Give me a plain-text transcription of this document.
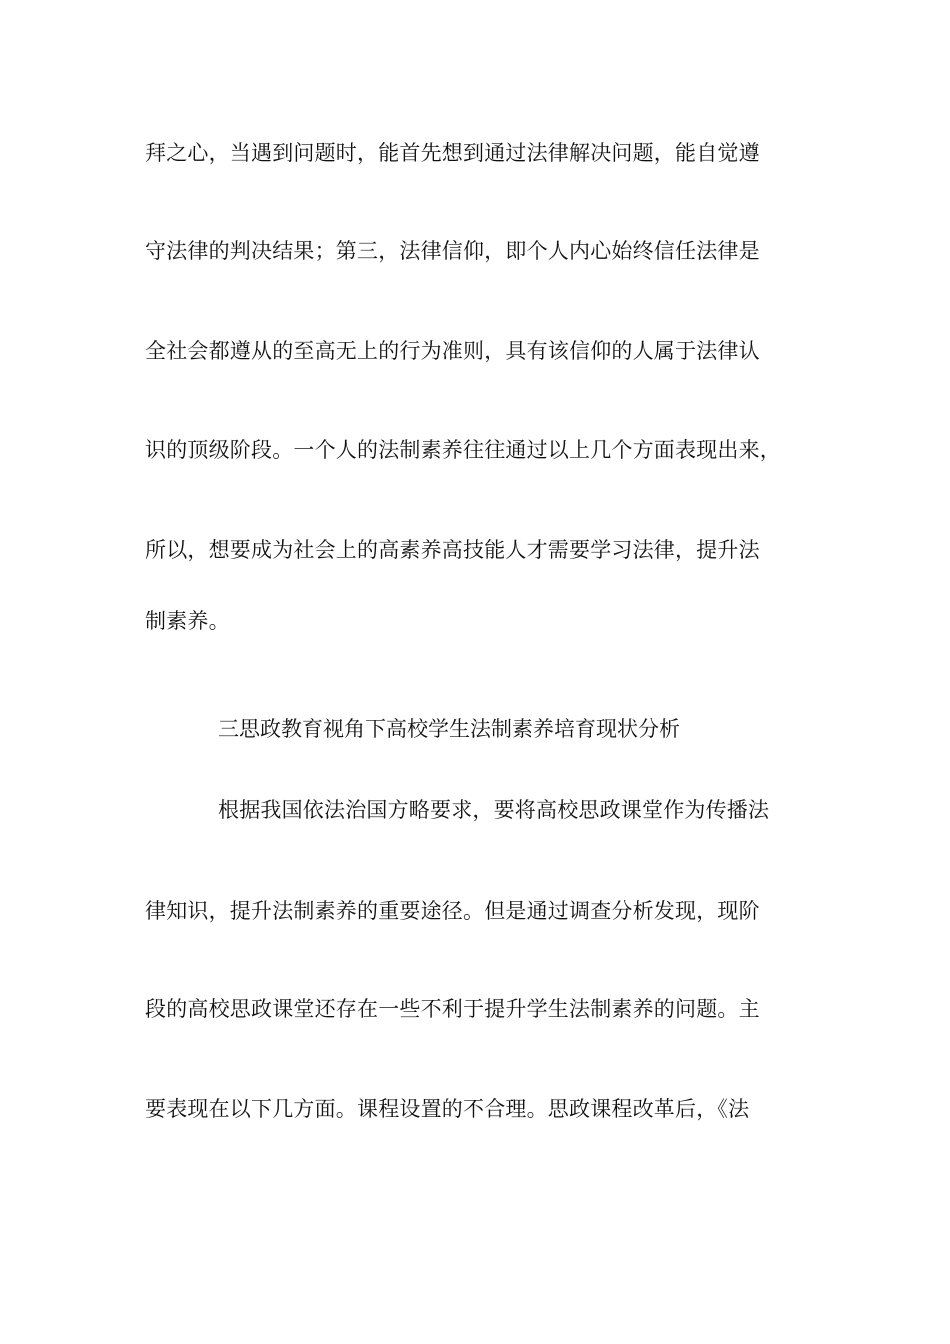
拜之心，当遇到问题时，能首先想到通过法律解决问题，能自觉遵
守法律的判决结果；第三，法律信仰，即个人内心始终信任法律是
全社会都遵从的至高无上的行为准则，具有该信仰的人属于法律认
识的顶级阶段。一个人的法制素养往往通过以上几个方面表现出来，
所以，想要成为社会上的高素养高技能人才需要学习法律，提升法
制素养。
三思政教育视角下高校学生法制素养培育现状分析
根据我国依法治国方略要求，要将高校思政课堂作为传播法
律知识，提升法制素养的重要途径。但是通过调查分析发现，现阶
段的高校思政课堂还存在一些不利于提升学生法制素养的问题。主
要表现在以下几方面。课程设置的不合理。思政课程改革后，《法
